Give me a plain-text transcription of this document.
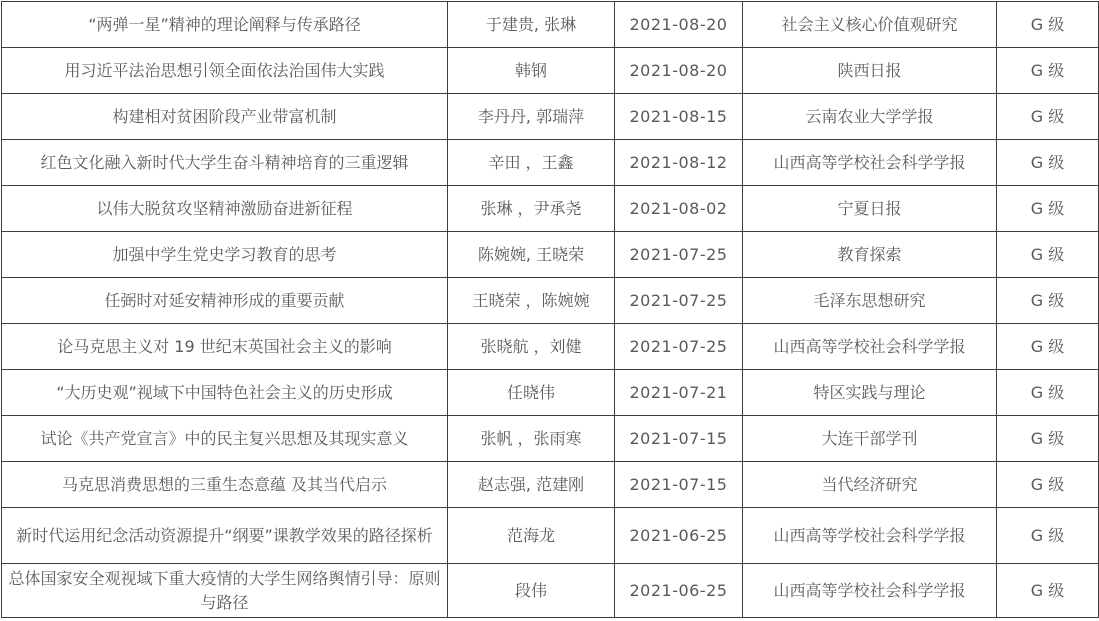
“两弹一星”精神的理论阐释与传承路径	于建贵, 张琳	2021-08-20	社会主义核心价值观研究	G 级
用习近平法治思想引领全面依法治国伟大实践	韩钢	2021-08-20	陕西日报	G 级
构建相对贫困阶段产业带富机制	李丹丹, 郭瑞萍	2021-08-15	云南农业大学学报	G 级
红色文化融入新时代大学生奋斗精神培育的三重逻辑	辛田 ，王鑫	2021-08-12	山西高等学校社会科学学报	G 级
以伟大脱贫攻坚精神激励奋进新征程	张琳 ，尹承尧	2021-08-02	宁夏日报	G 级
加强中学生党史学习教育的思考	陈婉婉, 王晓荣	2021-07-25	教育探索	G 级
任弼时对延安精神形成的重要贡献	王晓荣 ，陈婉婉	2021-07-25	毛泽东思想研究	G 级
论马克思主义对 19 世纪末英国社会主义的影响	张晓航 ，刘健	2021-07-25	山西高等学校社会科学学报	G 级
“大历史观”视域下中国特色社会主义的历史形成	任晓伟	2021-07-21	特区实践与理论	G 级
试论《共产党宣言》中的民主复兴思想及其现实意义	张帆 ，张雨寒	2021-07-15	大连干部学刊	G 级
马克思消费思想的三重生态意蕴 及其当代启示	赵志强, 范建刚	2021-07-15	当代经济研究	G 级
新时代运用纪念活动资源提升“纲要”课教学效果的路径探析	范海龙	2021-06-25	山西高等学校社会科学学报	G 级
总体国家安全观视域下重大疫情的大学生网络舆情引导：原则与路径	段伟	2021-06-25	山西高等学校社会科学学报	G 级
